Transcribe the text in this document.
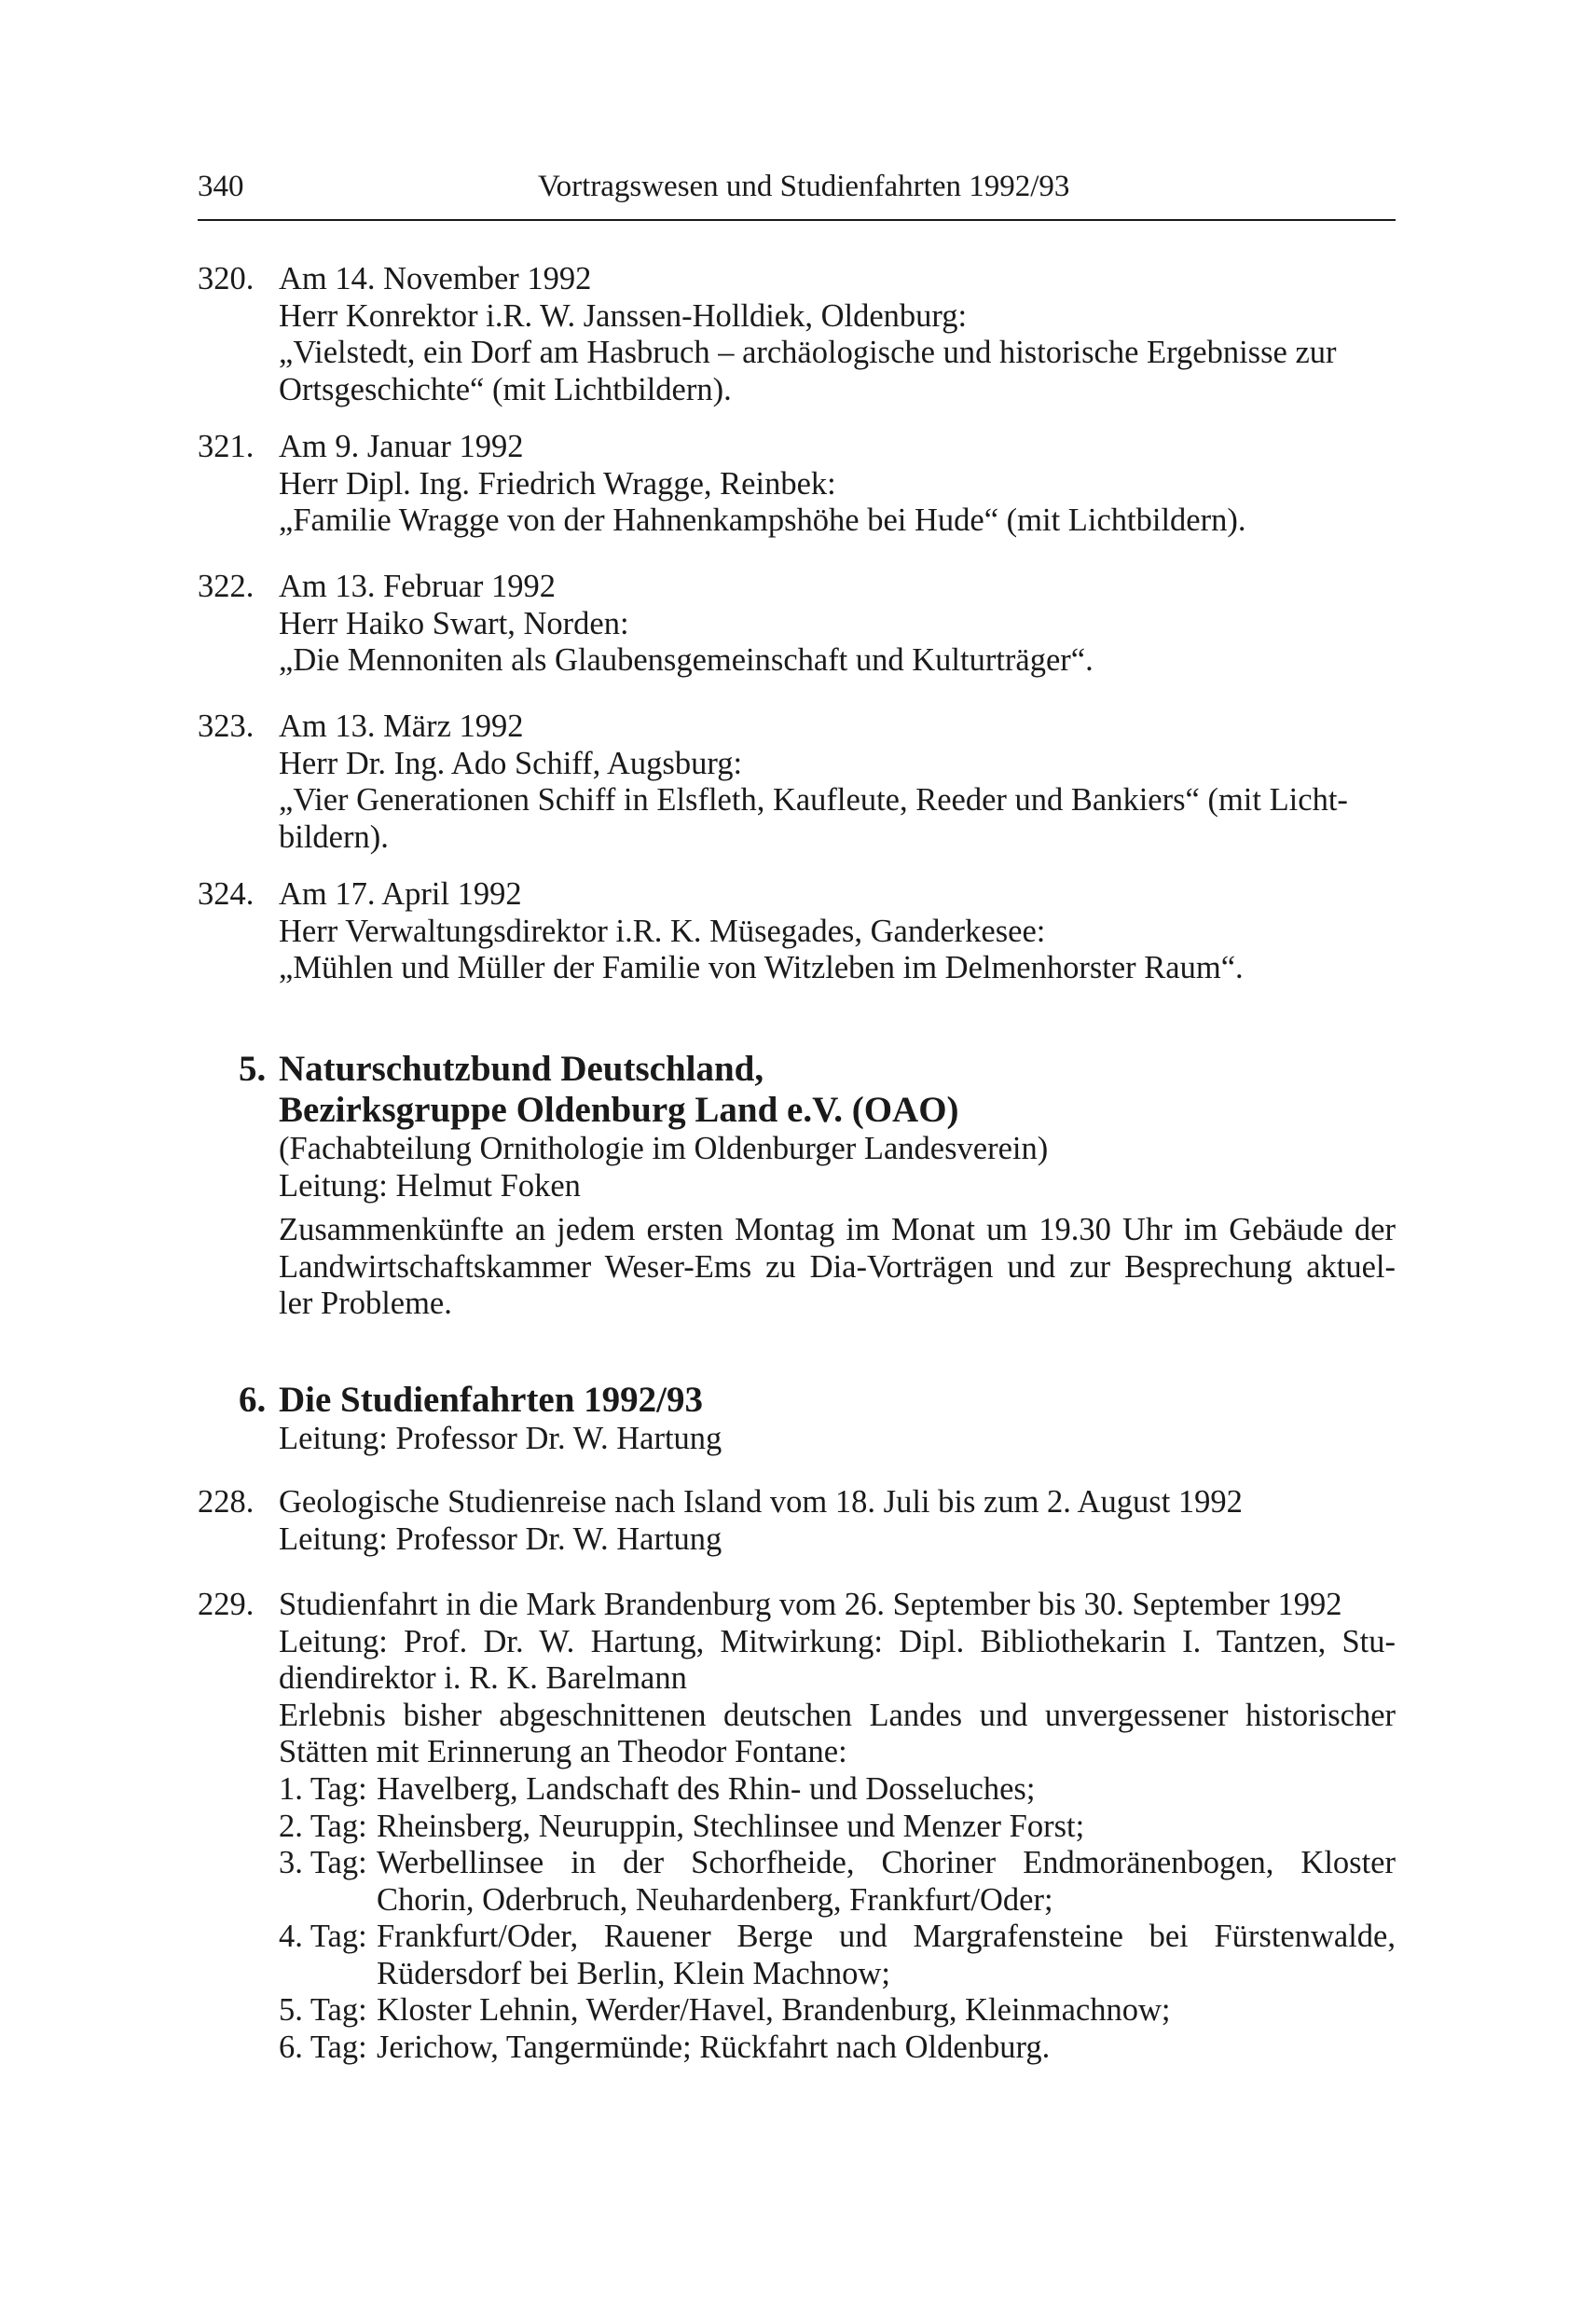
340	Vortragswesen und Studienfahrten 1992/93
320. Am 14. November 1992
Herr Konrektor i.R. W. Janssen-Holldiek, Oldenburg:
„Vielstedt, ein Dorf am Hasbruch – archäologische und historische Ergebnisse zur
Ortsgeschichte“ (mit Lichtbildern).
321. Am 9. Januar 1992
Herr Dipl. Ing. Friedrich Wragge, Reinbek:
„Familie Wragge von der Hahnenkampshöhe bei Hude“ (mit Lichtbildern).
322. Am 13. Februar 1992
Herr Haiko Swart, Norden:
„Die Mennoniten als Glaubensgemeinschaft und Kulturträger“.
323. Am 13. März 1992
Herr Dr. Ing. Ado Schiff, Augsburg:
„Vier Generationen Schiff in Elsfleth, Kaufleute, Reeder und Bankiers“ (mit Licht-
bildern).
324. Am 17. April 1992
Herr Verwaltungsdirektor i.R. K. Müsegades, Ganderkesee:
„Mühlen und Müller der Familie von Witzleben im Delmenhorster Raum“.
5. Naturschutzbund Deutschland,
Bezirksgruppe Oldenburg Land e.V. (OAO)
(Fachabteilung Ornithologie im Oldenburger Landesverein)
Leitung: Helmut Foken
Zusammenkünfte an jedem ersten Montag im Monat um 19.30 Uhr im Gebäude der
Landwirtschaftskammer Weser-Ems zu Dia-Vorträgen und zur Besprechung aktuel-
ler Probleme.
6. Die Studienfahrten 1992/93
Leitung: Professor Dr. W. Hartung
228. Geologische Studienreise nach Island vom 18. Juli bis zum 2. August 1992
Leitung: Professor Dr. W. Hartung
229. Studienfahrt in die Mark Brandenburg vom 26. September bis 30. September 1992
Leitung: Prof. Dr. W. Hartung, Mitwirkung: Dipl. Bibliothekarin I. Tantzen, Stu-
diendirektor i. R. K. Barelmann
Erlebnis bisher abgeschnittenen deutschen Landes und unvergessener historischer
Stätten mit Erinnerung an Theodor Fontane:
1. Tag: Havelberg, Landschaft des Rhin- und Dosseluches;
2. Tag: Rheinsberg, Neuruppin, Stechlinsee und Menzer Forst;
3. Tag: Werbellinsee in der Schorfheide, Choriner Endmoränenbogen, Kloster
Chorin, Oderbruch, Neuhardenberg, Frankfurt/Oder;
4. Tag: Frankfurt/Oder, Rauener Berge und Margrafensteine bei Fürstenwalde,
Rüdersdorf bei Berlin, Klein Machnow;
5. Tag: Kloster Lehnin, Werder/Havel, Brandenburg, Kleinmachnow;
6. Tag: Jerichow, Tangermünde; Rückfahrt nach Oldenburg.
